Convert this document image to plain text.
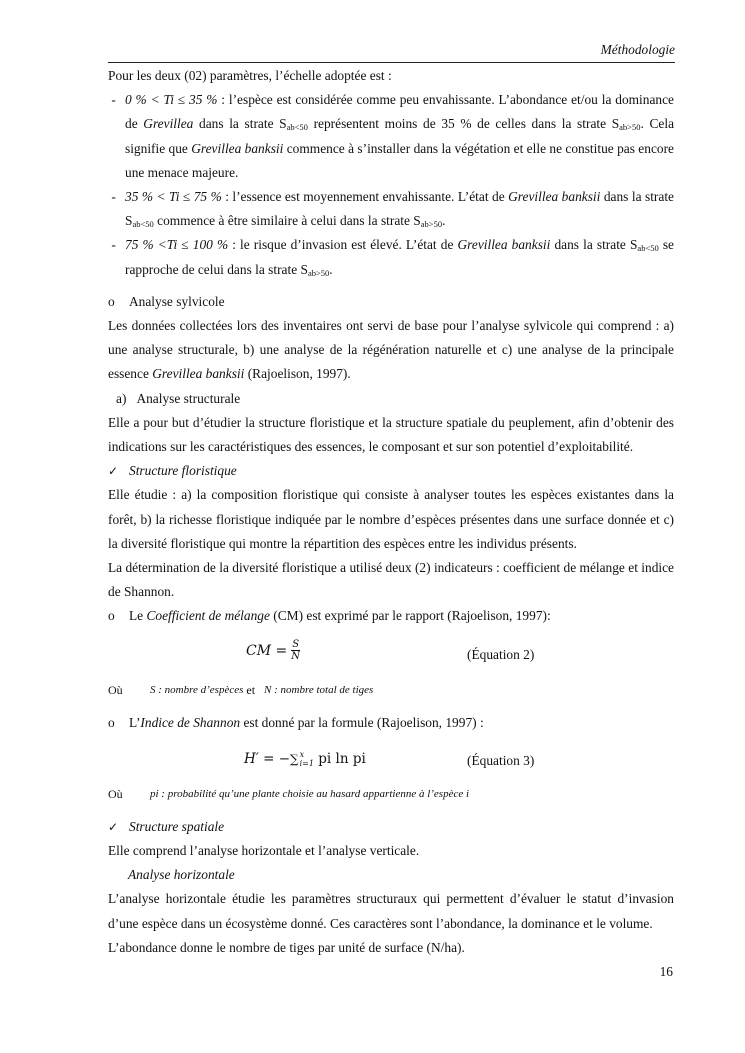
Méthodologie

Pour les deux (02) paramètres, l’échelle adoptée est :

- 0 % < Ti ≤ 35 % : l’espèce est considérée comme peu envahissante. L’abondance et/ou la dominance de Grevillea dans la strate $S_{ab<50}$ représentent moins de 35 % de celles dans la strate $S_{ab>50}$. Cela signifie que Grevillea banksii commence à s’installer dans la végétation et elle ne constitue pas encore une menace majeure.
- 35 % < Ti ≤ 75 % : l’essence est moyennement envahissante. L’état de Grevillea banksii dans la strate $S_{ab<50}$ commence à être similaire à celui dans la strate $S_{ab>50}$.
- 75 % <Ti ≤ 100 % : le risque d’invasion est élevé. L’état de Grevillea banksii dans la strate $S_{ab<50}$ se rapproche de celui dans la strate $S_{ab>50}$.

o Analyse sylvicole

Les données collectées lors des inventaires ont servi de base pour l’analyse sylvicole qui comprend : a) une analyse structurale, b) une analyse de la régénération naturelle et c) une analyse de la principale essence Grevillea banksii (Rajoelison, 1997).

a)   Analyse structurale

Elle a pour but d’étudier la structure floristique et la structure spatiale du peuplement, afin d’obtenir des indications sur les caractéristiques des essences, le composant et sur son potentiel d’exploitabilité.

✓ Structure floristique

Elle étudie : a) la composition floristique qui consiste à analyser toutes les espèces existantes dans la forêt, b) la richesse floristique indiquée par le nombre d’espèces présentes dans une surface donnée et c) la diversité floristique qui montre la répartition des espèces entre les individus présents.

La détermination de la diversité floristique a utilisé deux (2) indicateurs : coefficient de mélange et indice de Shannon.

o Le Coefficient de mélange (CM) est exprimé par le rapport (Rajoelison, 1997):

CM = $\frac{S}{N}$	(Équation 2)
Où	S : nombre d’espèces et N : nombre total de tiges

o L’Indice de Shannon est donné par la formule (Rajoelison, 1997) :

H′ = −∑ x
i=1 pi ln pi	(Équation 3)
Où	pi : probabilité qu’une plante choisie au hasard appartienne à l’espèce i

✓ Structure spatiale

Elle comprend l’analyse horizontale et l’analyse verticale.

Analyse horizontale

L’analyse horizontale étudie les paramètres structuraux qui permettent d’évaluer le statut d’invasion d’une espèce dans un écosystème donné. Ces caractères sont l’abondance, la dominance et le volume.

L’abondance donne le nombre de tiges par unité de surface (N/ha).

16
